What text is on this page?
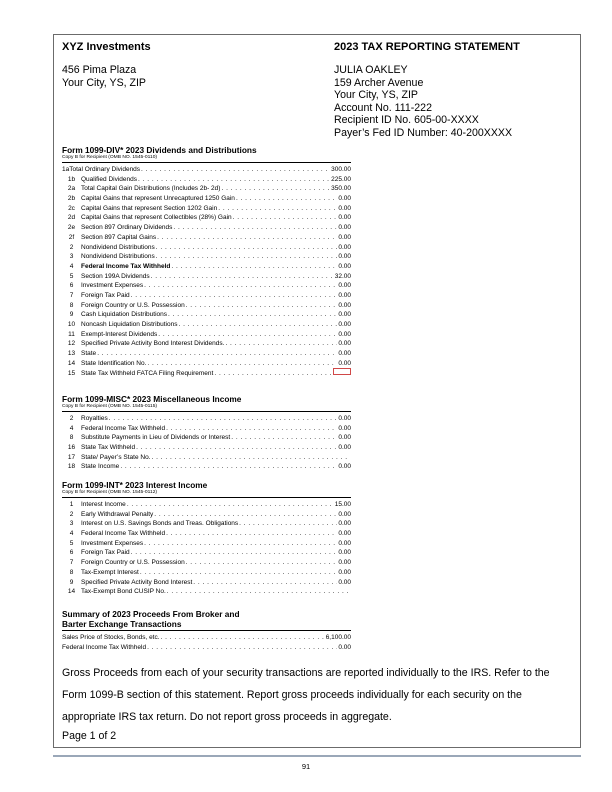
XYZ Investments	2023 TAX REPORTING STATEMENT
456 Pima Plaza
Your City, YS, ZIP
JULIA OAKLEY
159 Archer Avenue
Your City, YS, ZIP
Account No. 111-222
Recipient ID No. 605-00-XXXX
Payer’s Fed ID Number: 40-200XXXX
Form 1099-DIV* 2023 Dividends and Distributions
Copy B for Recipient (OMB NO. 1545-0110)
1a Total Ordinary Dividends . . .	300.00
1b Qualified Dividends . . .	225.00
2a Total Capital Gain Distributions (Includes 2b- 2d) . . .	350.00
2b Capital Gains that represent Unrecaptured 1250 Gain . . .	0.00
2c Capital Gains that represent Section 1202 Gain . . .	0.00
2d Capital Gains that represent Collectibles (28%) Gain . . .	0.00
2e Section 897 Ordinary Dividends . . .	0.00
2f	Section 897 Capital Gains . . .	0.00
2	Nondividend Distributions . . .	0.00
3	Nondividend Distributions . . .	0.00
4	Federal Income Tax Withheld . . .	0.00
5	Section 199A Dividends . . .	32.00
6	Investment Expenses . . .	0.00
7	Foreign Tax Paid . . .	0.00
8	Foreign Country or U.S. Possession . . .	0.00
9	Cash Liquidation Distributions . . .	0.00
10 Noncash Liquidation Distributions . . .	0.00
11 Exempt-Interest Dividends . . .	0.00
12 Specified Private Activity Bond Interest Dividends. . . .	0.00
13 State . . .	0.00
14 State Identification No. . . .	0.00
15 State Tax Withheld FATCA Filing Requirement
. . .
Form 1099-MISC* 2023 Miscellaneous Income
Copy B for Recipient (OMB NO. 1545-0115)
2	Royalties . . .	0.00
4	Federal Income Tax Withheld . . .	0.00
8	Substitute Payments in Lieu of Dividends or Interest . . .	0.00
16 State Tax Withheld . . .	0.00
17 State/ Payer’s State No.
. . .
18 State Income . . .	0.00
Form 1099-INT* 2023 Interest Income
Copy B for Recipient (OMB NO. 1545-0112)
1	Interest Income . . .	15.00
2	Early Withdrawal Penalty . . .	0.00
3	Interest on U.S. Savings Bonds and Treas. Obligations . . .	0.00
4	Federal Income Tax Withheld . . .	0.00
5	Investment Expenses . . .	0.00
6	Foreign Tax Paid . . .	0.00
7	Foreign Country or U.S. Possession . . .	0.00
8	Tax-Exempt Interest . . .	0.00
9	Specified Private Activity Bond Interest . . .	0.00
14 Tax-Exempt Bond CUSIP No.
. . .
Summary of 2023 Proceeds From Broker and
Barter Exchange Transactions
Sales Price of Stocks, Bonds, etc. . . .	6,100.00
Federal Income Tax Withheld . . .	0.00
Gross Proceeds from each of your security transactions are reported individually to the IRS. Refer to the Form 1099-B section of this statement. Report gross proceeds individually for each security on the appropriate IRS tax return. Do not report gross proceeds in aggregate.
Page 1 of 2
91
